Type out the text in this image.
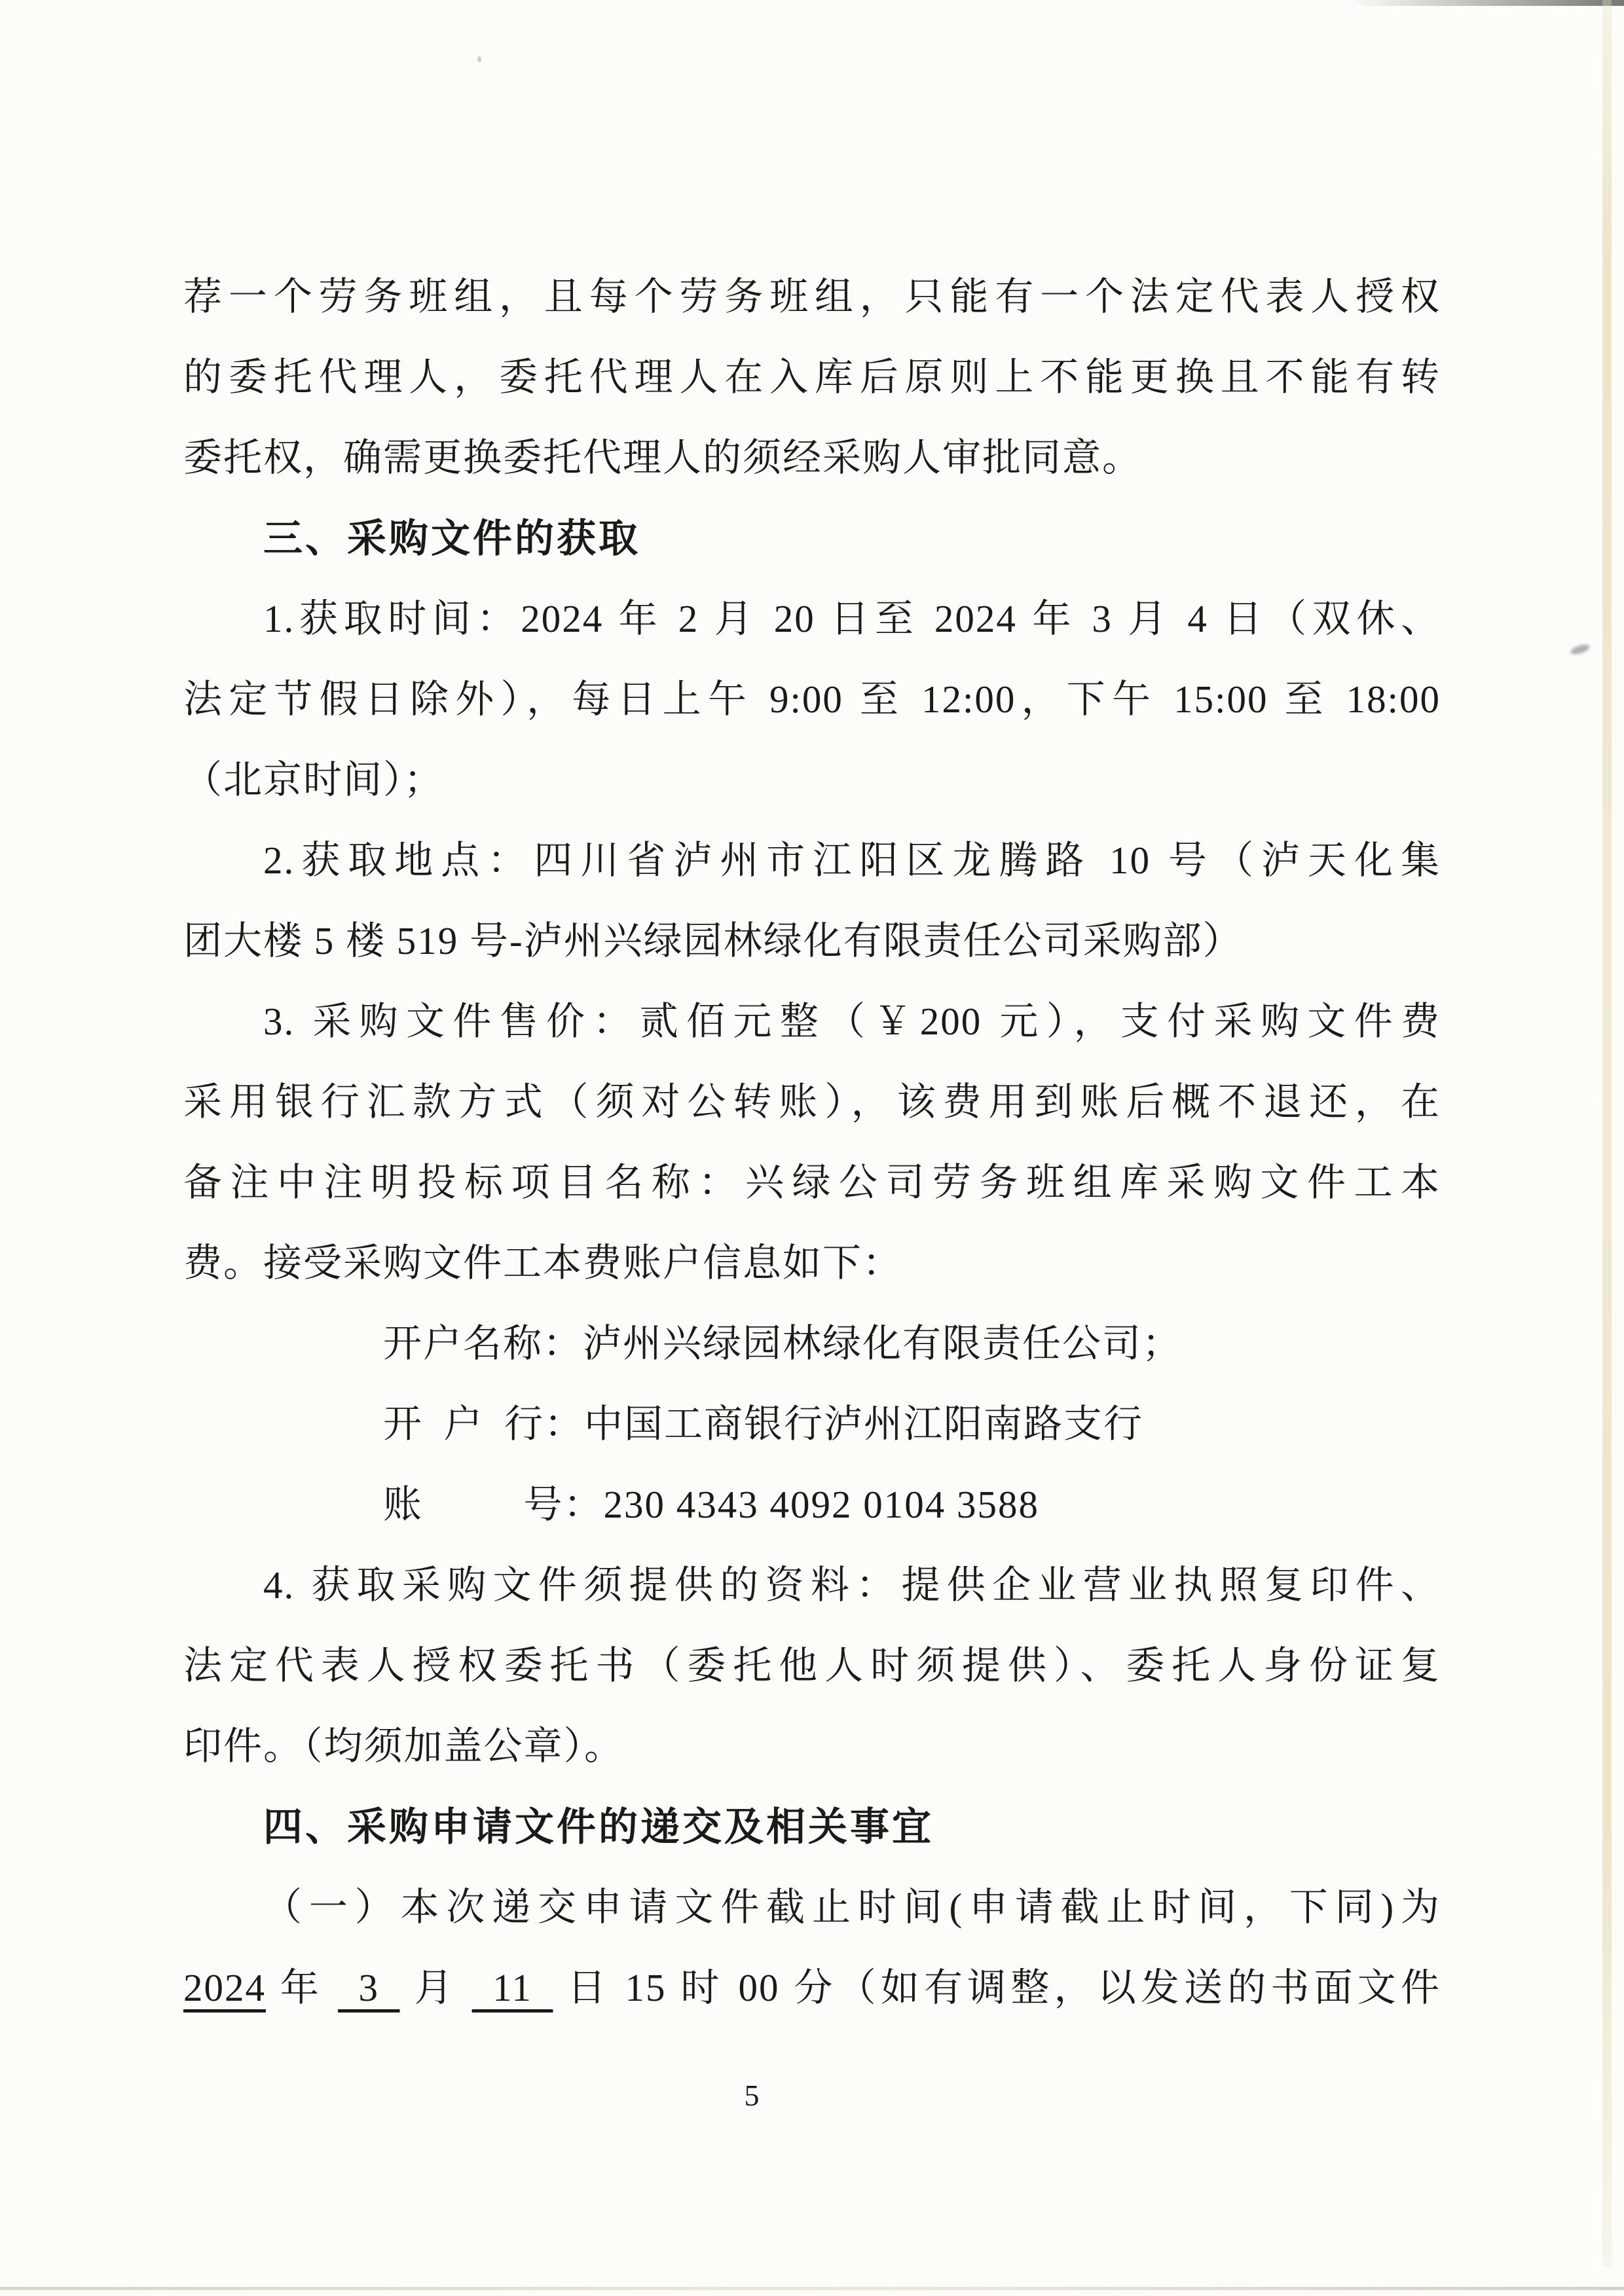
荐一个劳务班组，且每个劳务班组，只能有一个法定代表人授权
的委托代理人，委托代理人在入库后原则上不能更换且不能有转
委托权，确需更换委托代理人的须经采购人审批同意。
三、采购文件的获取
1.获取时间：2024 年 2 月 20 日至 2024 年 3 月 4 日（双休、
法定节假日除外），每日上午 9:00 至 12:00，下午 15:00 至 18:00
（北京时间）；
2.获取地点：四川省泸州市江阳区龙腾路 10 号（泸天化集
团大楼 5 楼 519 号-泸州兴绿园林绿化有限责任公司采购部）
3. 采购文件售价：贰佰元整（￥200 元），支付采购文件费
采用银行汇款方式（须对公转账），该费用到账后概不退还，在
备注中注明投标项目名称：兴绿公司劳务班组库采购文件工本
费。接受采购文件工本费账户信息如下：
开户名称：泸州兴绿园林绿化有限责任公司；
开 户 行：中国工商银行泸州江阳南路支行
账　　 号：230 4343 4092 0104 3588
4. 获取采购文件须提供的资料：提供企业营业执照复印件、
法定代表人授权委托书（委托他人时须提供）、委托人身份证复
印件。（均须加盖公章）。
四、采购申请文件的递交及相关事宜
（一）本次递交申请文件截止时间(申请截止时间，下同)为
2024 年  3  月  11  日 15 时 00 分（如有调整，以发送的书面文件
5
